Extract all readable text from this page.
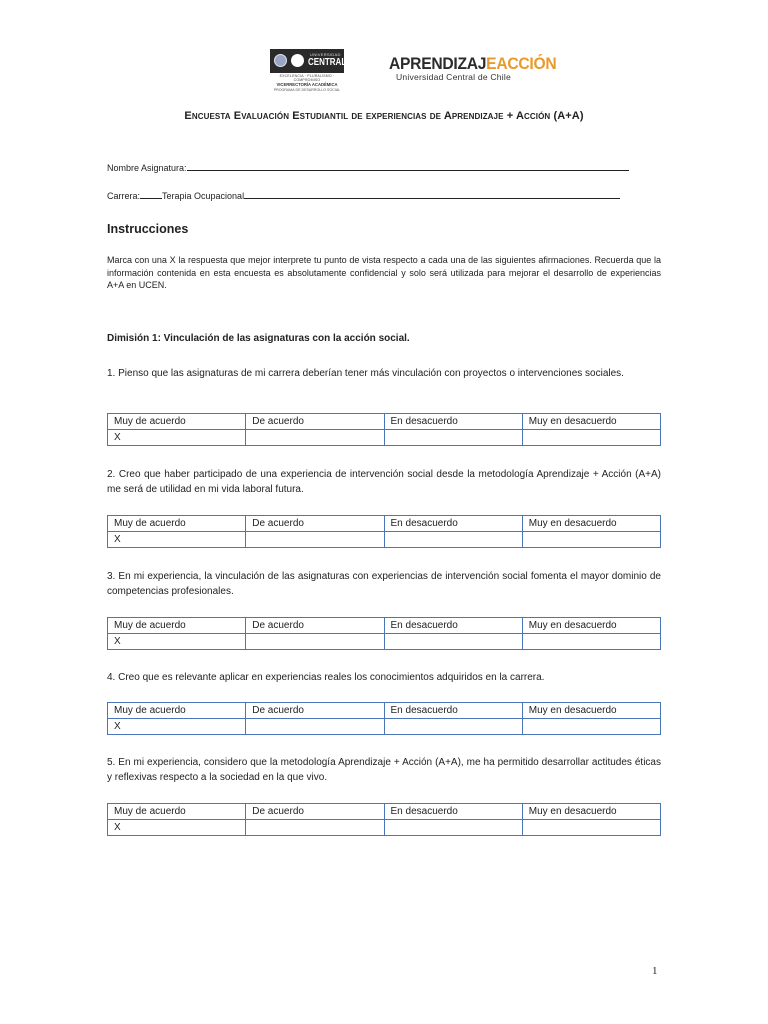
UNIVERSIDAD
CENTRAL
EXCELENCIA · PLURALISMO · COMPROMISO
VICERRECTORÍA ACADÉMICA
PROGRAMA DE DESARROLLO SOCIAL
APRENDIZAJEACCIÓN
Universidad Central de Chile
Encuesta Evaluación Estudiantil de experiencias de Aprendizaje + Acción (A+A)
Nombre Asignatura:
Carrera: Terapia Ocupacional
Instrucciones
Marca con una X la respuesta que mejor interprete tu punto de vista respecto a cada una de las siguientes afirmaciones. Recuerda que la información contenida en esta encuesta es absolutamente confidencial y solo será utilizada para mejorar el desarrollo de experiencias A+A en UCEN.
Dimisión 1: Vinculación de las asignaturas con la acción social.
1. Pienso que las asignaturas de mi carrera deberían tener más vinculación con proyectos o intervenciones sociales.
Muy de acuerdo	De acuerdo	En desacuerdo	Muy en desacuerdo
X			
2. Creo que haber participado de una experiencia de intervención social desde la metodología Aprendizaje + Acción (A+A) me será de utilidad en mi vida laboral futura.
Muy de acuerdo	De acuerdo	En desacuerdo	Muy en desacuerdo
X			
3. En mi experiencia, la vinculación de las asignaturas con experiencias de intervención social fomenta el mayor dominio de competencias profesionales.
Muy de acuerdo	De acuerdo	En desacuerdo	Muy en desacuerdo
X			
4. Creo que es relevante aplicar en experiencias reales los conocimientos adquiridos en la carrera.
Muy de acuerdo	De acuerdo	En desacuerdo	Muy en desacuerdo
X			
5. En mi experiencia, considero que la metodología Aprendizaje + Acción (A+A), me ha permitido desarrollar actitudes éticas y reflexivas respecto a la sociedad en la que vivo.
Muy de acuerdo	De acuerdo	En desacuerdo	Muy en desacuerdo
X			
1
